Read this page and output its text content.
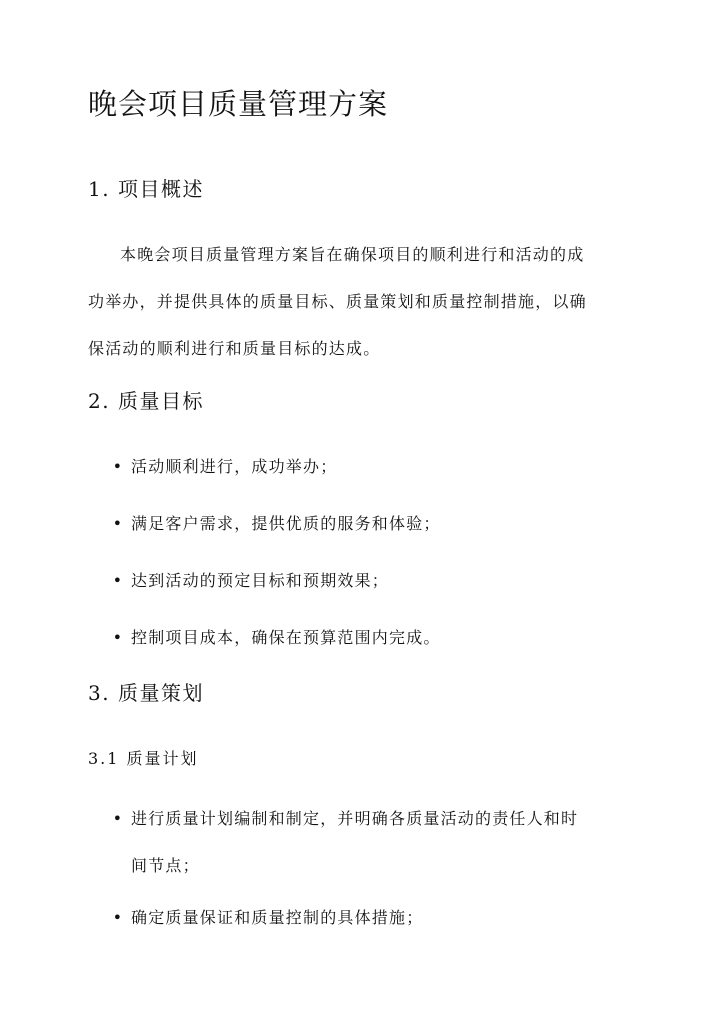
晚会项目质量管理方案
1. 项目概述

本晚会项目质量管理方案旨在确保项目的顺利进行和活动的成
功举办，并提供具体的质量目标、质量策划和质量控制措施，以确
保活动的顺利进行和质量目标的达成。

2. 质量目标
• 活动顺利进行，成功举办；
• 满足客户需求，提供优质的服务和体验；
• 达到活动的预定目标和预期效果；
• 控制项目成本，确保在预算范围内完成。
3. 质量策划
3.1 质量计划
• 进行质量计划编制和制定，并明确各质量活动的责任人和时
间节点；
• 确定质量保证和质量控制的具体措施；
